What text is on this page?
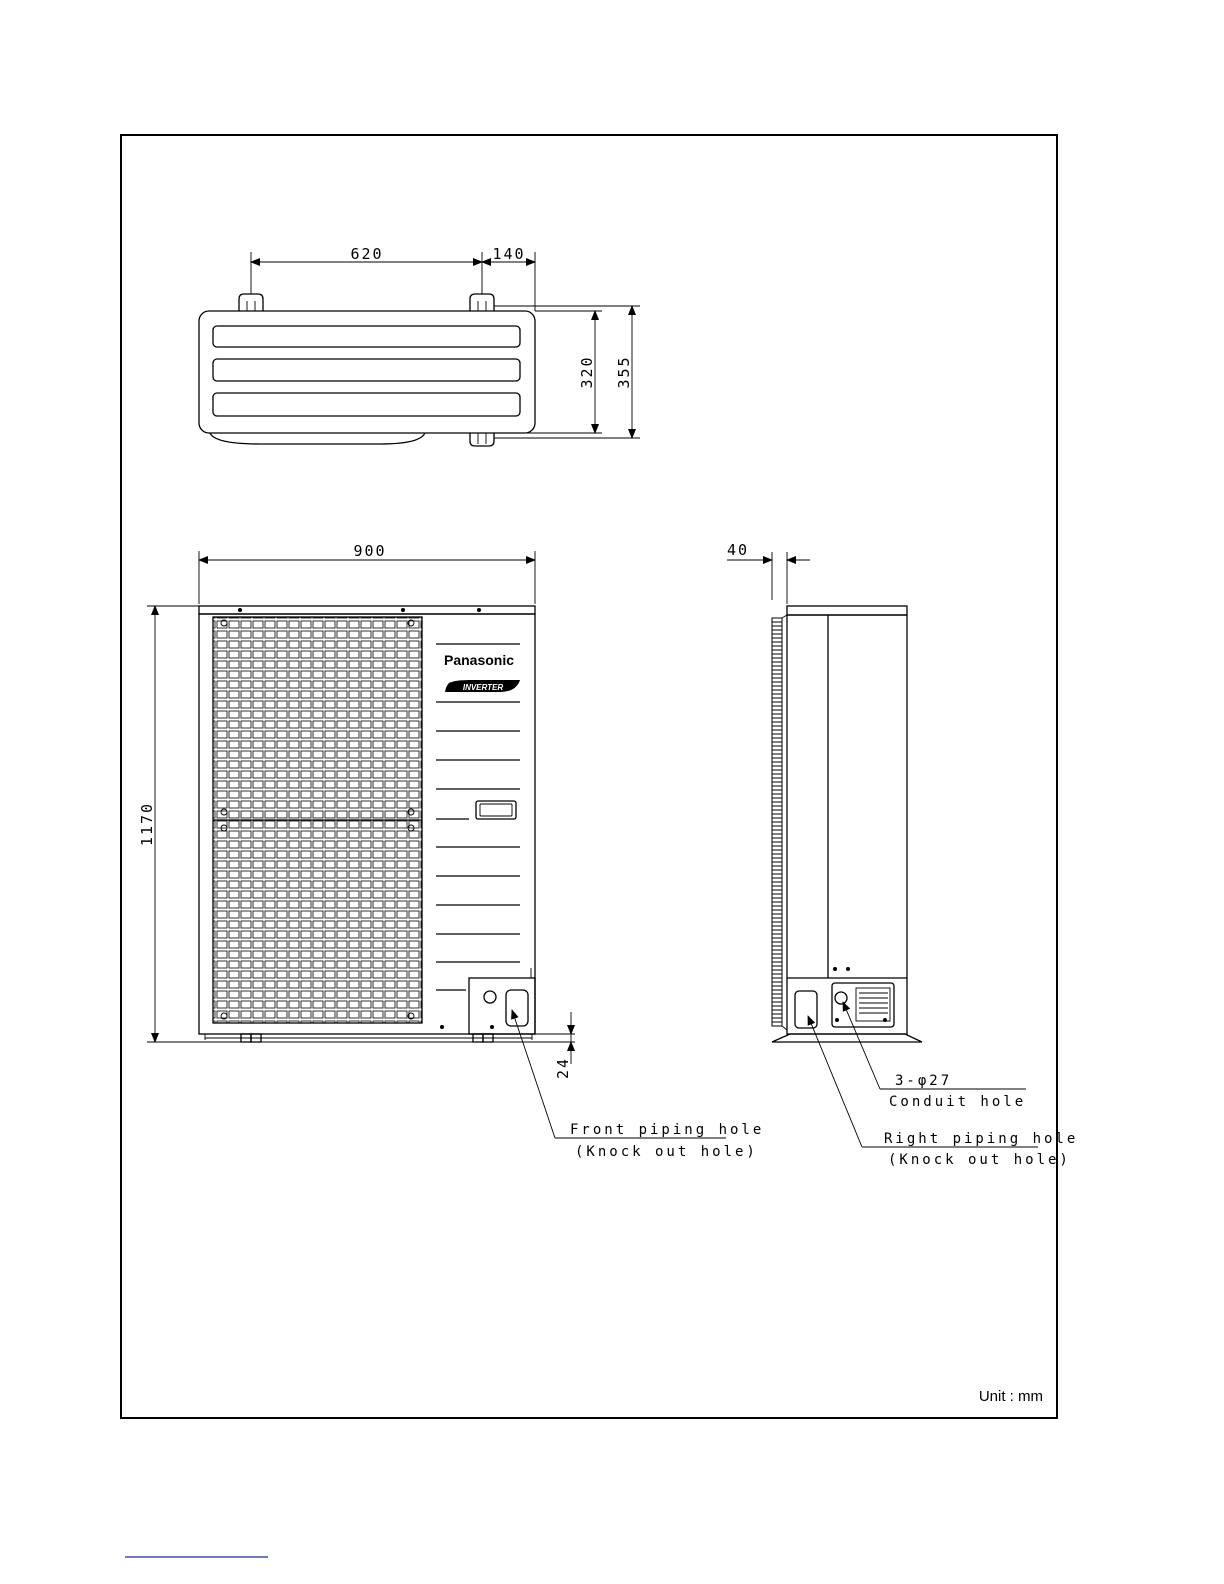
620	140
320 355
Panasonic
INVERTER
900
1170
24
Front piping hole
(Knock out hole)
40
3-φ27
Conduit hole
Right piping hole
(Knock out hole)
Unit : mm
